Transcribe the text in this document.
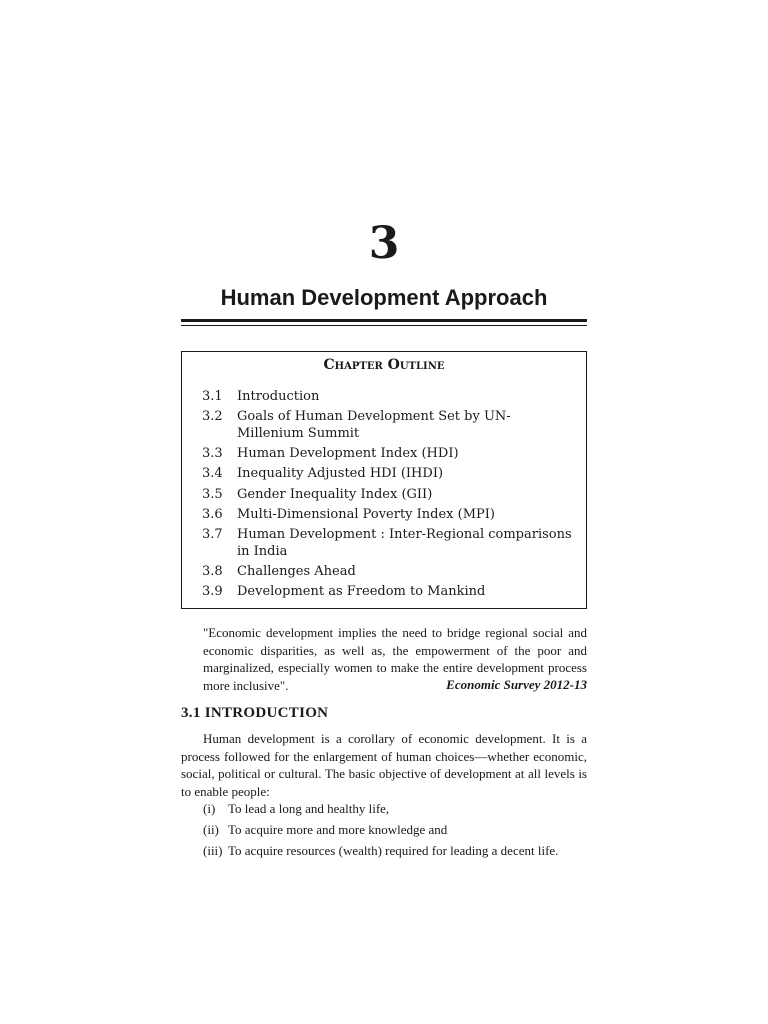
3
Human Development Approach
Chapter Outline
3.1	Introduction
3.2	Goals of Human Development Set by UN-Millenium Summit
3.3	Human Development Index (HDI)
3.4	Inequality Adjusted HDI (IHDI)
3.5	Gender Inequality Index (GII)
3.6	Multi-Dimensional Poverty Index (MPI)
3.7	Human Development : Inter-Regional comparisons in India
3.8	Challenges Ahead
3.9	Development as Freedom to Mankind

"Economic development implies the need to bridge regional social and economic disparities, as well as, the empowerment of the poor and marginalized, especially women to make the entire development process more inclusive".	Economic Survey 2012-13
3.1 INTRODUCTION

Human development is a corollary of economic development. It is a process followed for the enlargement of human choices—whether economic, social, political or cultural. The basic objective of development at all levels is to enable people:

(i) To lead a long and healthy life,
(ii) To acquire more and more knowledge and
(iii) To acquire resources (wealth) required for leading a decent life.
